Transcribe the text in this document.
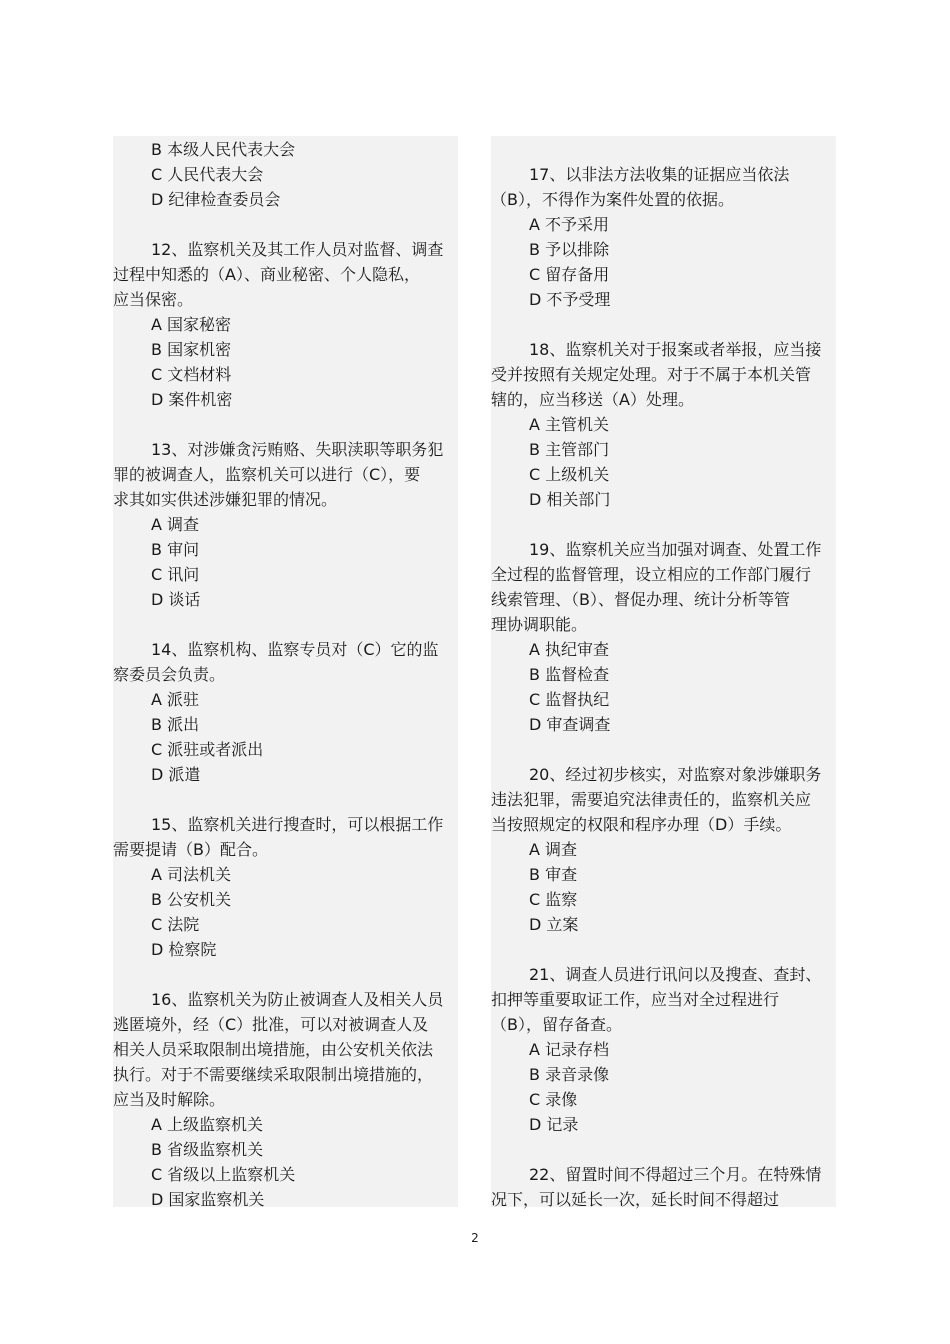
B 本级人民代表大会
C 人民代表大会
D 纪律检查委员会
12、监察机关及其工作人员对监督、调查
过程中知悉的（A）、商业秘密、个人隐私，
应当保密。
A 国家秘密
B 国家机密
C 文档材料
D 案件机密
13、对涉嫌贪污贿赂、失职渎职等职务犯
罪的被调查人，监察机关可以进行（C），要
求其如实供述涉嫌犯罪的情况。
A 调查
B 审问
C 讯问
D 谈话
14、监察机构、监察专员对（C）它的监
察委员会负责。
A 派驻
B 派出
C 派驻或者派出
D 派遣
15、监察机关进行搜查时，可以根据工作
需要提请（B）配合。
A 司法机关
B 公安机关
C 法院
D 检察院
16、监察机关为防止被调查人及相关人员
逃匿境外，经（C）批准，可以对被调查人及
相关人员采取限制出境措施，由公安机关依法
执行。对于不需要继续采取限制出境措施的，
应当及时解除。
A 上级监察机关
B 省级监察机关
C 省级以上监察机关
D 国家监察机关
17、以非法方法收集的证据应当依法
（B），不得作为案件处置的依据。
A 不予采用
B 予以排除
C 留存备用
D 不予受理
18、监察机关对于报案或者举报，应当接
受并按照有关规定处理。对于不属于本机关管
辖的，应当移送（A）处理。
A 主管机关
B 主管部门
C 上级机关
D 相关部门
19、监察机关应当加强对调查、处置工作
全过程的监督管理，设立相应的工作部门履行
线索管理、（B）、督促办理、统计分析等管
理协调职能。
A 执纪审查
B 监督检查
C 监督执纪
D 审查调查
20、经过初步核实，对监察对象涉嫌职务
违法犯罪，需要追究法律责任的，监察机关应
当按照规定的权限和程序办理（D）手续。
A 调查
B 审查
C 监察
D 立案
21、调查人员进行讯问以及搜查、查封、
扣押等重要取证工作，应当对全过程进行
（B），留存备查。
A 记录存档
B 录音录像
C 录像
D 记录
22、留置时间不得超过三个月。在特殊情
况下，可以延长一次，延长时间不得超过
2
